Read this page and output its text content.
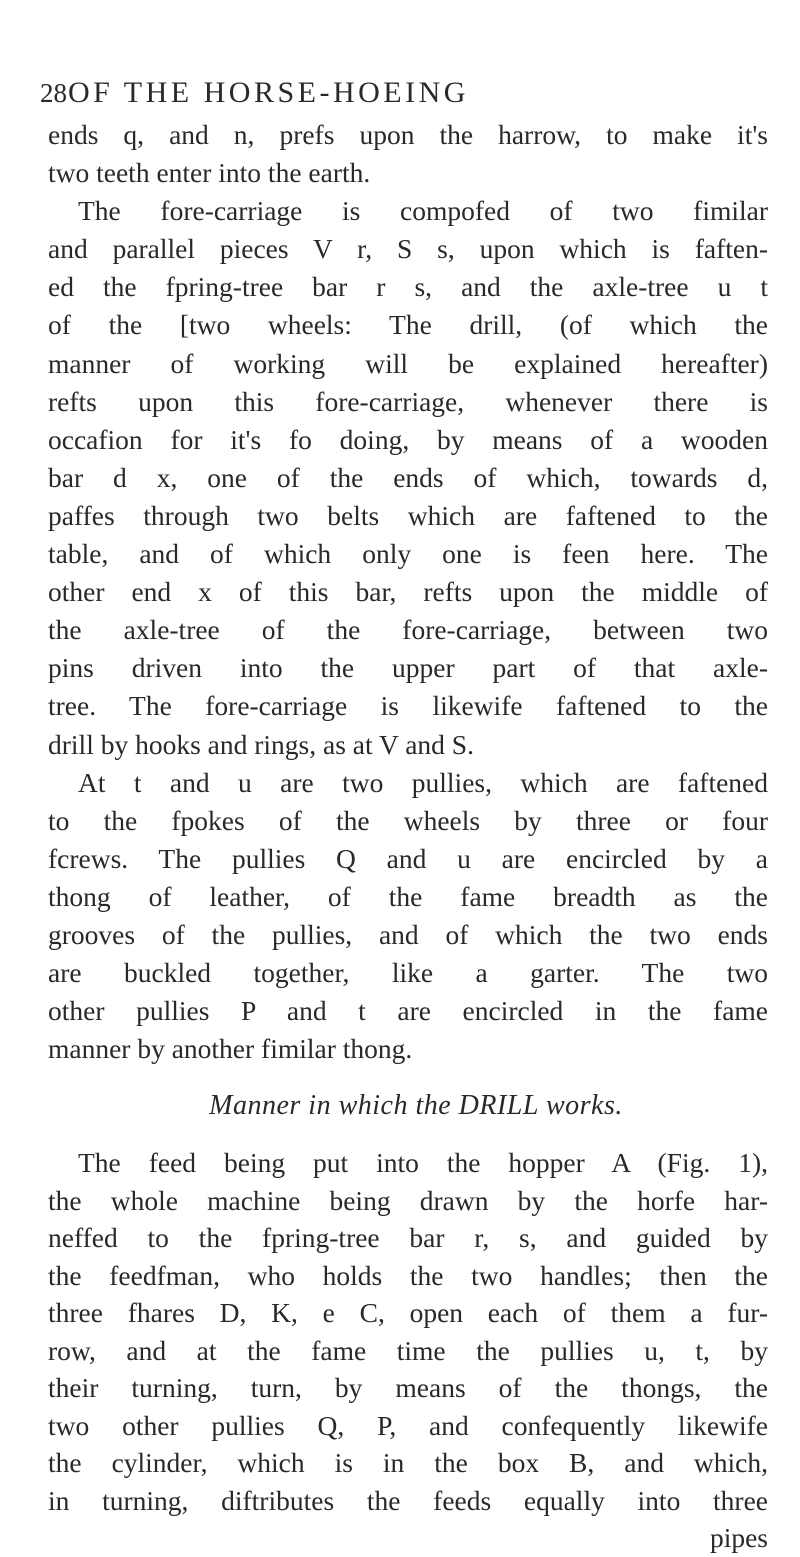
28 OF THE HORSE-HOEING
ends q, and n, prefs upon the harrow, to make it's
two teeth enter into the earth.
The fore-carriage is compofed of two fimilar
and parallel pieces V r, S s, upon which is faften-
ed the fpring-tree bar r s, and the axle-tree u t
of the [two wheels: The drill, (of which the
manner of working will be explained hereafter)
refts upon this fore-carriage, whenever there is
occafion for it's fo doing, by means of a wooden
bar d x, one of the ends of which, towards d,
paffes through two belts which are faftened to the
table, and of which only one is feen here. The
other end x of this bar, refts upon the middle of
the axle-tree of the fore-carriage, between two
pins driven into the upper part of that axle-
tree. The fore-carriage is likewife faftened to the
drill by hooks and rings, as at V and S.
At t and u are two pullies, which are faftened
to the fpokes of the wheels by three or four
fcrews. The pullies Q and u are encircled by a
thong of leather, of the fame breadth as the
grooves of the pullies, and of which the two ends
are buckled together, like a garter. The two
other pullies P and t are encircled in the fame
manner by another fimilar thong.
Manner in which the DRILL works.
The feed being put into the hopper A (Fig. 1),
the whole machine being drawn by the horfe har-
neffed to the fpring-tree bar r, s, and guided by
the feedfman, who holds the two handles; then the
three fhares D, K, e C, open each of them a fur-
row, and at the fame time the pullies u, t, by
their turning, turn, by means of the thongs, the
two other pullies Q, P, and confequently likewife
the cylinder, which is in the box B, and which,
in turning, diftributes the feeds equally into three
pipes
